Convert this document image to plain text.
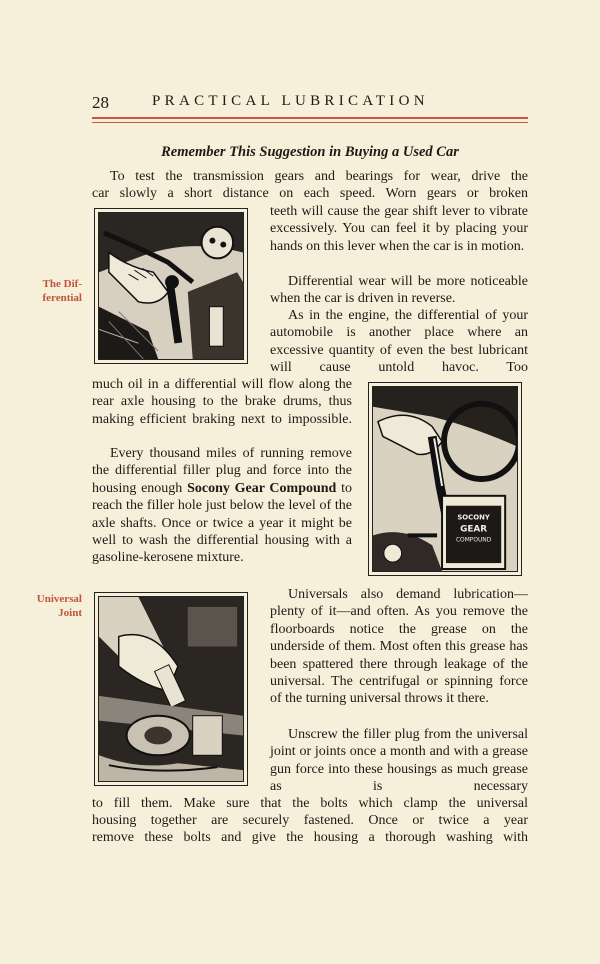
28	PRACTICAL LUBRICATION
Remember This Suggestion in Buying a Used Car
To test the transmission gears and bearings for wear, drive the
car slowly a short distance on each speed. Worn gears or broken
The Dif-
ferential
teeth will cause the gear shift lever to vibrate excessively. You can feel it by placing your hands on this lever when the car is in motion.
Differential wear will be more noticeable when the car is driven in reverse.
As in the engine, the differential of your automobile is another place where an excessive quantity of even the best lubricant will cause untold havoc. Too
SOCONY
GEAR
COMPOUND
much oil in a differential will flow along the rear axle housing to the brake drums, thus making efficient braking next to impossible.
Every thousand miles of running remove the differential filler plug and force into the housing enough Socony Gear Compound to reach the filler hole just below the level of the axle shafts. Once or twice a year it might be well to wash the differential housing with a gasoline-kerosene mixture.
Universal
Joint
Universals also demand lubrication—plenty of it—and often. As you remove the floorboards notice the grease on the underside of them. Most often this grease has been spattered there through leakage of the universal. The centrifugal or spinning force of the turning universal throws it there.
Unscrew the filler plug from the universal joint or joints once a month and with a grease gun force into these housings as much grease as is necessary
to fill them. Make sure that the bolts which clamp the universal
housing together are securely fastened. Once or twice a year
remove these bolts and give the housing a thorough washing with
